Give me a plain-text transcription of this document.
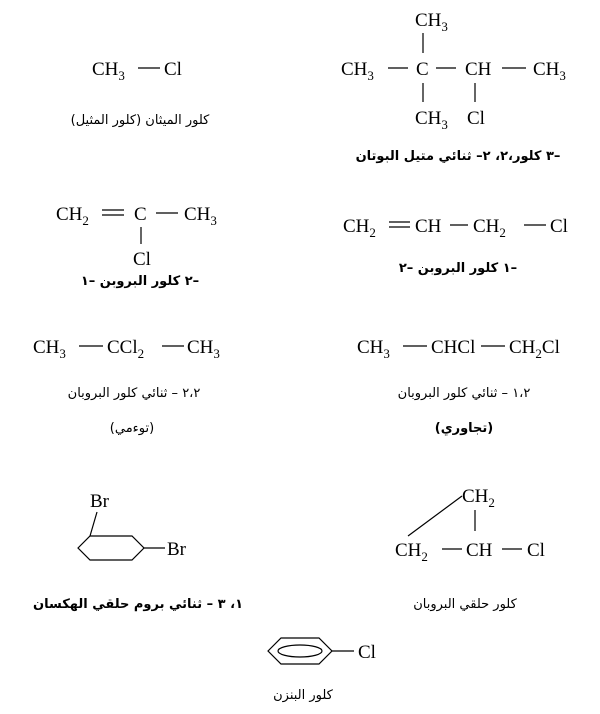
$CH_3$ Cl
كلور الميثان (كلور المثيل)
$CH_3$
$CH_3$ C CH $CH_3$
$CH_3$ Cl
–٣ كلور،٢، ٢– ثنائي متيل البوتان
$CH_2$ C $CH_3$
Cl
–٢ كلور البروبن –١
$CH_2$ CH $CH_2$ Cl
–١ كلور البروبن –٢
$CH_3$ CCl$_2$ $CH_3$
٢،٢ – ثنائي كلور البروبان
(توءمي)
$CH_3$ CHCl $CH_2Cl$
١،٢ – ثنائي كلور البروبان
(تجاوري)
Br
Br
١، ٣ – ثنائي بروم حلقي الهكسان
$CH_2$
$CH_2$ CH Cl
كلور حلقي البروبان
Cl
كلور البنزن
